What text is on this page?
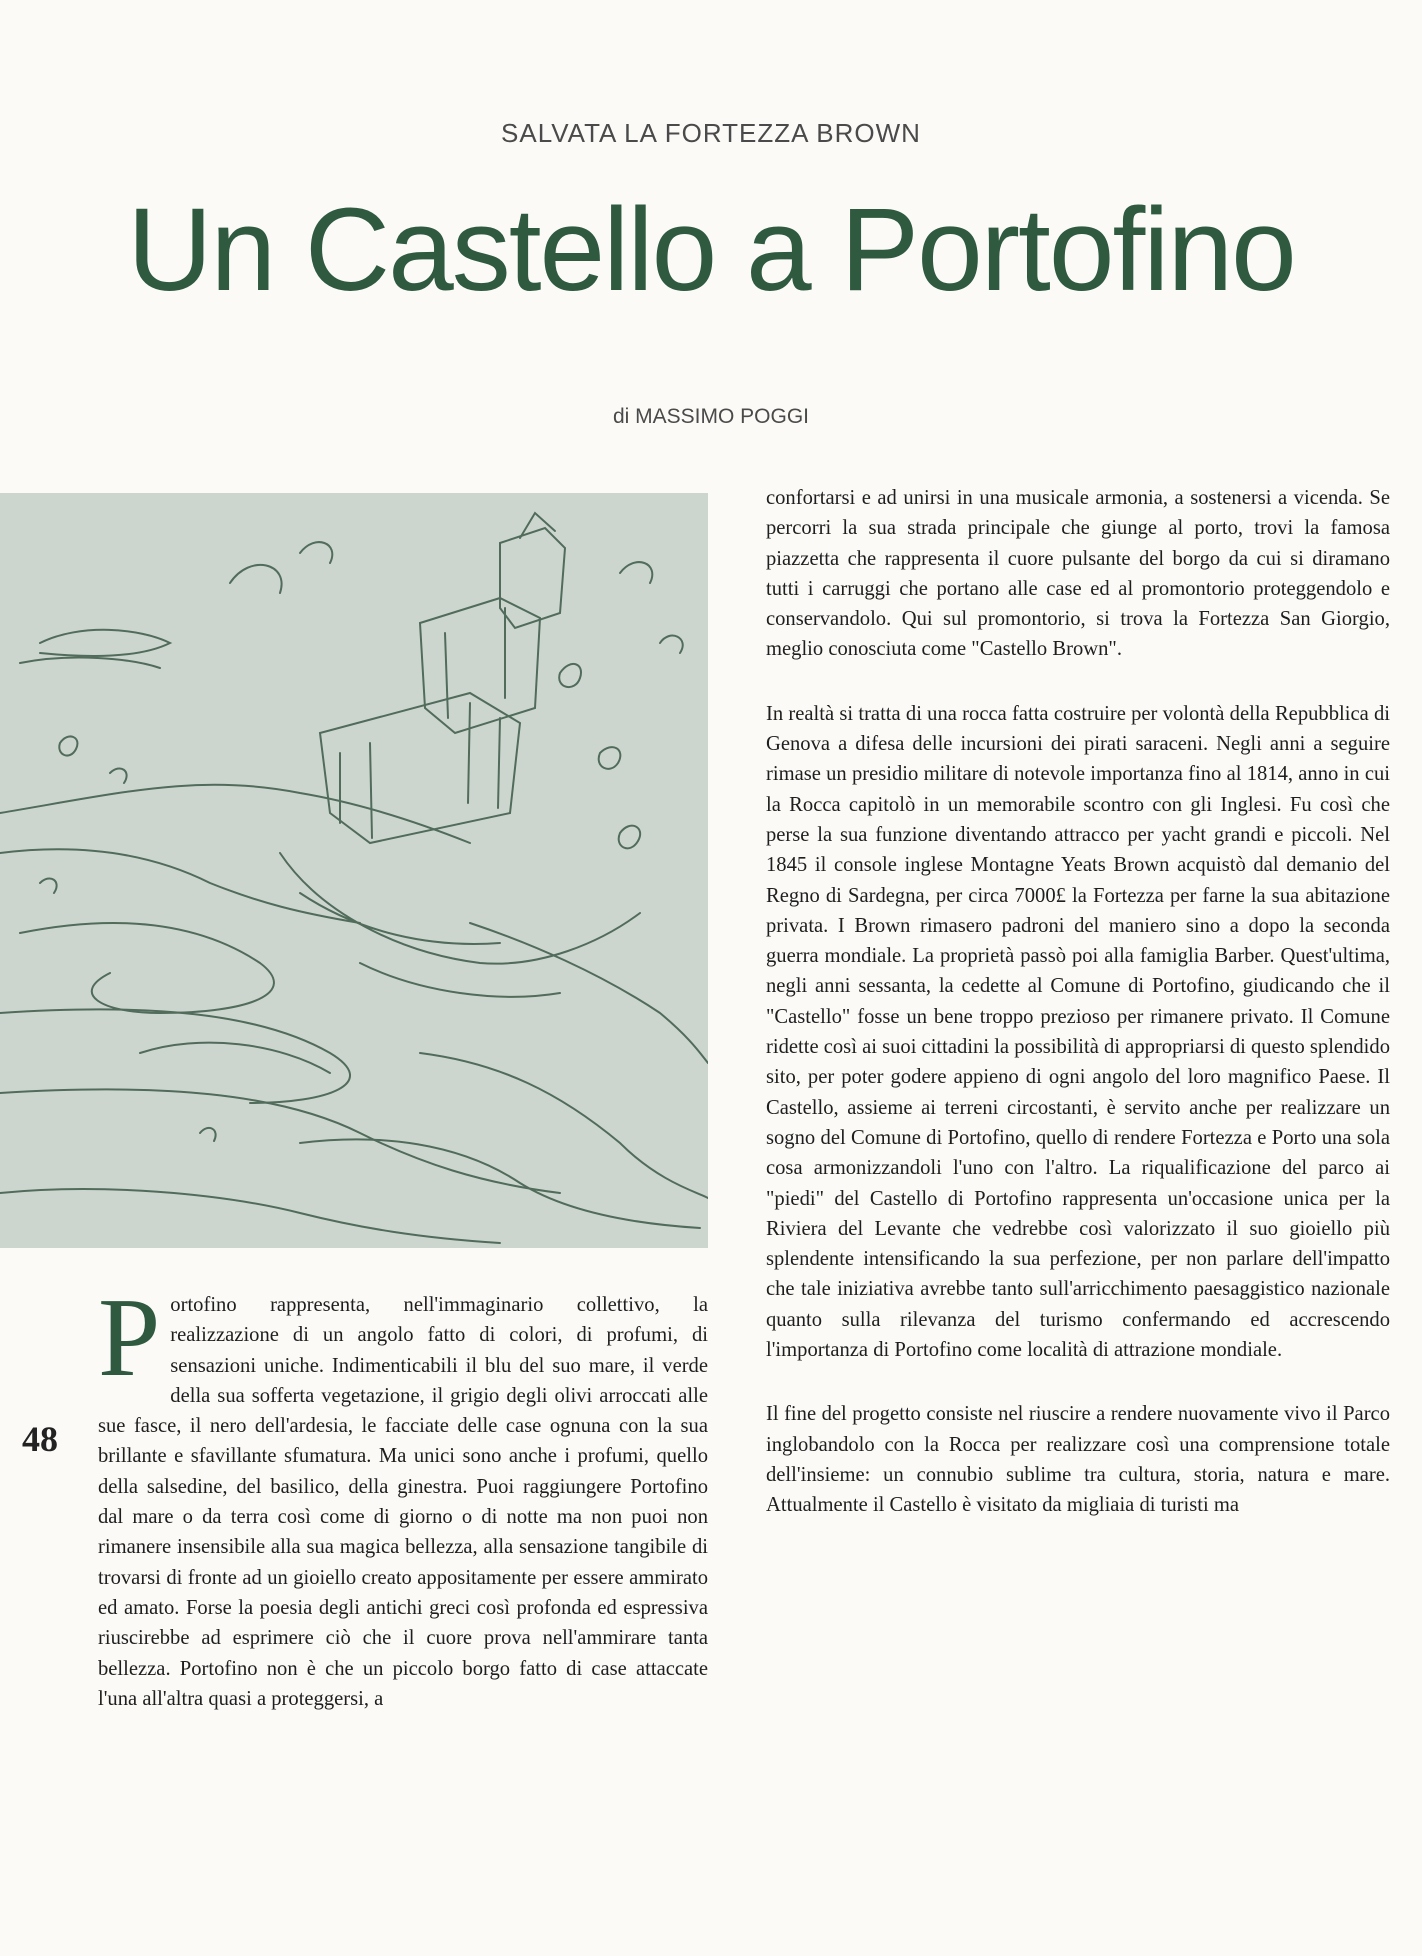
SALVATA LA FORTEZZA BROWN
Un Castello a Portofino
di MASSIMO POGGI
48

Portofino rappresenta, nell'immaginario collettivo, la realizzazione di un angolo fatto di colori, di profumi, di sensazioni uniche. Indimenticabili il blu del suo mare, il verde della sua sofferta vegetazione, il grigio degli olivi arroccati alle sue fasce, il nero dell'ardesia, le facciate delle case ognuna con la sua brillante e sfavillante sfumatura. Ma unici sono anche i profumi, quello della salsedine, del basilico, della ginestra. Puoi raggiungere Portofino dal mare o da terra così come di giorno o di notte ma non puoi non rimanere insensibile alla sua magica bellezza, alla sensazione tangibile di trovarsi di fronte ad un gioiello creato appositamente per essere ammirato ed amato. Forse la poesia degli antichi greci così profonda ed espressiva riuscirebbe ad esprimere ciò che il cuore prova nell'ammirare tanta bellezza. Portofino non è che un piccolo borgo fatto di case attaccate l'una all'altra quasi a proteggersi, a

confortarsi e ad unirsi in una musicale armonia, a sostenersi a vicenda. Se percorri la sua strada principale che giunge al porto, trovi la famosa piazzetta che rappresenta il cuore pulsante del borgo da cui si diramano tutti i carruggi che portano alle case ed al promontorio proteggendolo e conservandolo. Qui sul promontorio, si trova la Fortezza San Giorgio, meglio conosciuta come "Castello Brown".

In realtà si tratta di una rocca fatta costruire per volontà della Repubblica di Genova a difesa delle incursioni dei pirati saraceni. Negli anni a seguire rimase un presidio militare di notevole importanza fino al 1814, anno in cui la Rocca capitolò in un memorabile scontro con gli Inglesi. Fu così che perse la sua funzione diventando attracco per yacht grandi e piccoli. Nel 1845 il console inglese Montagne Yeats Brown acquistò dal demanio del Regno di Sardegna, per circa 7000£ la Fortezza per farne la sua abitazione privata. I Brown rimasero padroni del maniero sino a dopo la seconda guerra mondiale. La proprietà passò poi alla famiglia Barber. Quest'ultima, negli anni sessanta, la cedette al Comune di Portofino, giudicando che il "Castello" fosse un bene troppo prezioso per rimanere privato. Il Comune ridette così ai suoi cittadini la possibilità di appropriarsi di questo splendido sito, per poter godere appieno di ogni angolo del loro magnifico Paese. Il Castello, assieme ai terreni circostanti, è servito anche per realizzare un sogno del Comune di Portofino, quello di rendere Fortezza e Porto una sola cosa armonizzandoli l'uno con l'altro. La riqualificazione del parco ai "piedi" del Castello di Portofino rappresenta un'occasione unica per la Riviera del Levante che vedrebbe così valorizzato il suo gioiello più splendente intensificando la sua perfezione, per non parlare dell'impatto che tale iniziativa avrebbe tanto sull'arricchimento paesaggistico nazionale quanto sulla rilevanza del turismo confermando ed accrescendo l'importanza di Portofino come località di attrazione mondiale.

Il fine del progetto consiste nel riuscire a rendere nuovamente vivo il Parco inglobandolo con la Rocca per realizzare così una comprensione totale dell'insieme: un connubio sublime tra cultura, storia, natura e mare. Attualmente il Castello è visitato da migliaia di turisti ma
